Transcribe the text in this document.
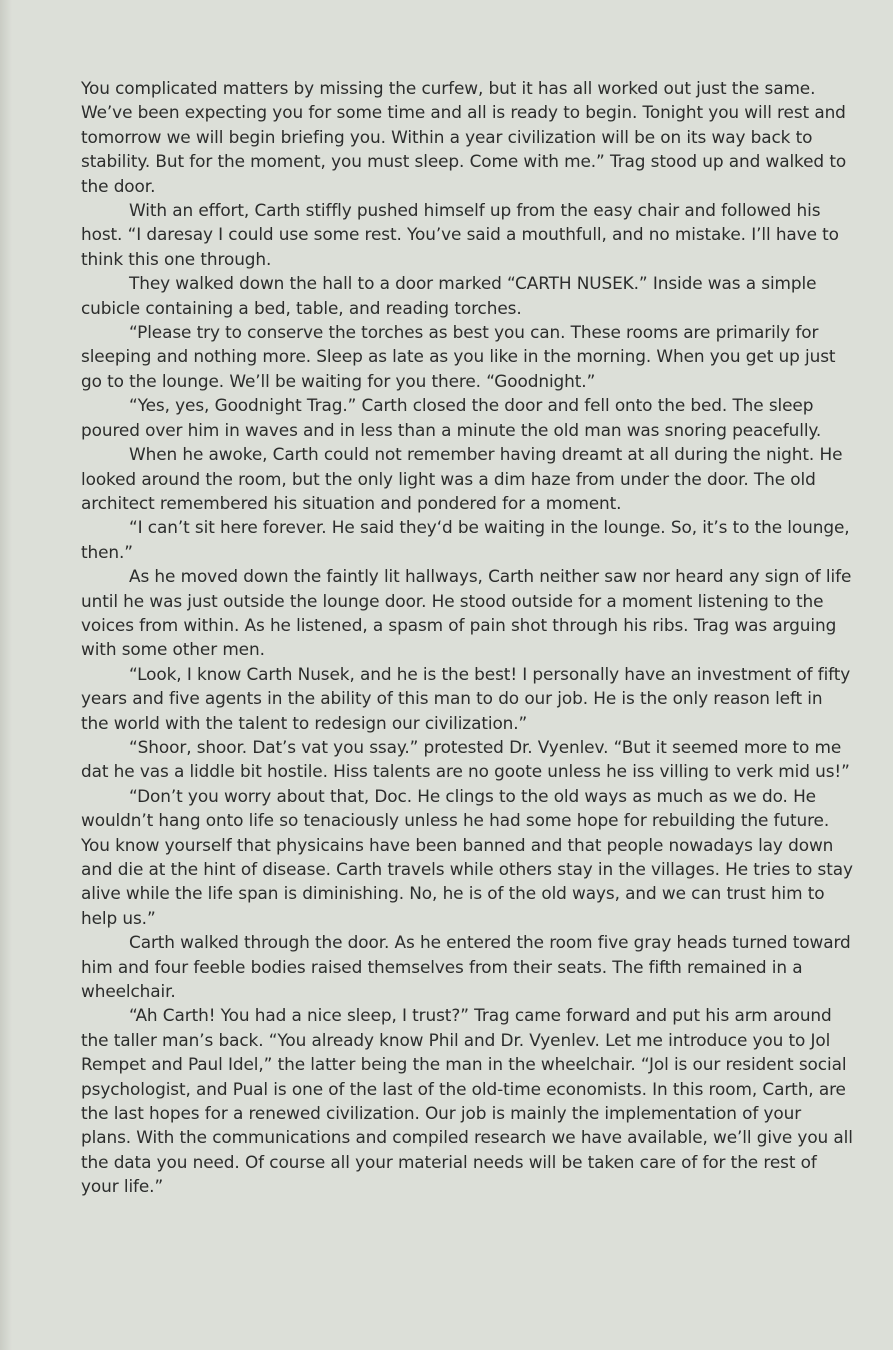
You complicated matters by missing the curfew, but it has all worked out just the same. We’ve been expecting you for some time and all is ready to begin. Tonight you will rest and tomorrow we will begin briefing you. Within a year civilization will be on its way back to stability. But for the moment, you must sleep. Come with me.” Trag stood up and walked to the door.

With an effort, Carth stiffly pushed himself up from the easy chair and followed his host. “I daresay I could use some rest. You’ve said a mouthfull, and no mistake. I’ll have to think this one through.

They walked down the hall to a door marked “CARTH NUSEK.” Inside was a simple cubicle containing a bed, table, and reading torches.

“Please try to conserve the torches as best you can. These rooms are primarily for sleeping and nothing more. Sleep as late as you like in the morning. When you get up just go to the lounge. We’ll be waiting for you there. “Goodnight.”

“Yes, yes, Goodnight Trag.” Carth closed the door and fell onto the bed. The sleep poured over him in waves and in less than a minute the old man was snoring peacefully.

When he awoke, Carth could not remember having dreamt at all during the night. He looked around the room, but the only light was a dim haze from under the door. The old architect remembered his situation and pondered for a moment.

“I can’t sit here forever. He said they‘d be waiting in the lounge. So, it’s to the lounge, then.”

As he moved down the faintly lit hallways, Carth neither saw nor heard any sign of life until he was just outside the lounge door. He stood outside for a moment listening to the voices from within. As he listened, a spasm of pain shot through his ribs. Trag was arguing with some other men.

“Look, I know Carth Nusek, and he is the best! I personally have an investment of fifty years and five agents in the ability of this man to do our job. He is the only reason left in the world with the talent to redesign our civilization.”

“Shoor, shoor. Dat’s vat you ssay.” protested Dr. Vyenlev. “But it seemed more to me dat he vas a liddle bit hostile. Hiss talents are no goote unless he iss villing to verk mid us!”

“Don’t you worry about that, Doc. He clings to the old ways as much as we do. He wouldn’t hang onto life so tenaciously unless he had some hope for rebuilding the future. You know yourself that physicains have been banned and that people nowadays lay down and die at the hint of disease. Carth travels while others stay in the villages. He tries to stay alive while the life span is diminishing. No, he is of the old ways, and we can trust him to help us.”

Carth walked through the door. As he entered the room five gray heads turned toward him and four feeble bodies raised themselves from their seats. The fifth remained in a wheelchair.

“Ah Carth! You had a nice sleep, I trust?” Trag came forward and put his arm around the taller man’s back. “You already know Phil and Dr. Vyenlev. Let me introduce you to Jol Rempet and Paul Idel,” the latter being the man in the wheelchair. “Jol is our resident social psychologist, and Pual is one of the last of the old-time economists. In this room, Carth, are the last hopes for a renewed civilization. Our job is mainly the implementation of your plans. With the communications and compiled research we have available, we’ll give you all the data you need. Of course all your material needs will be taken care of for the rest of your life.”
